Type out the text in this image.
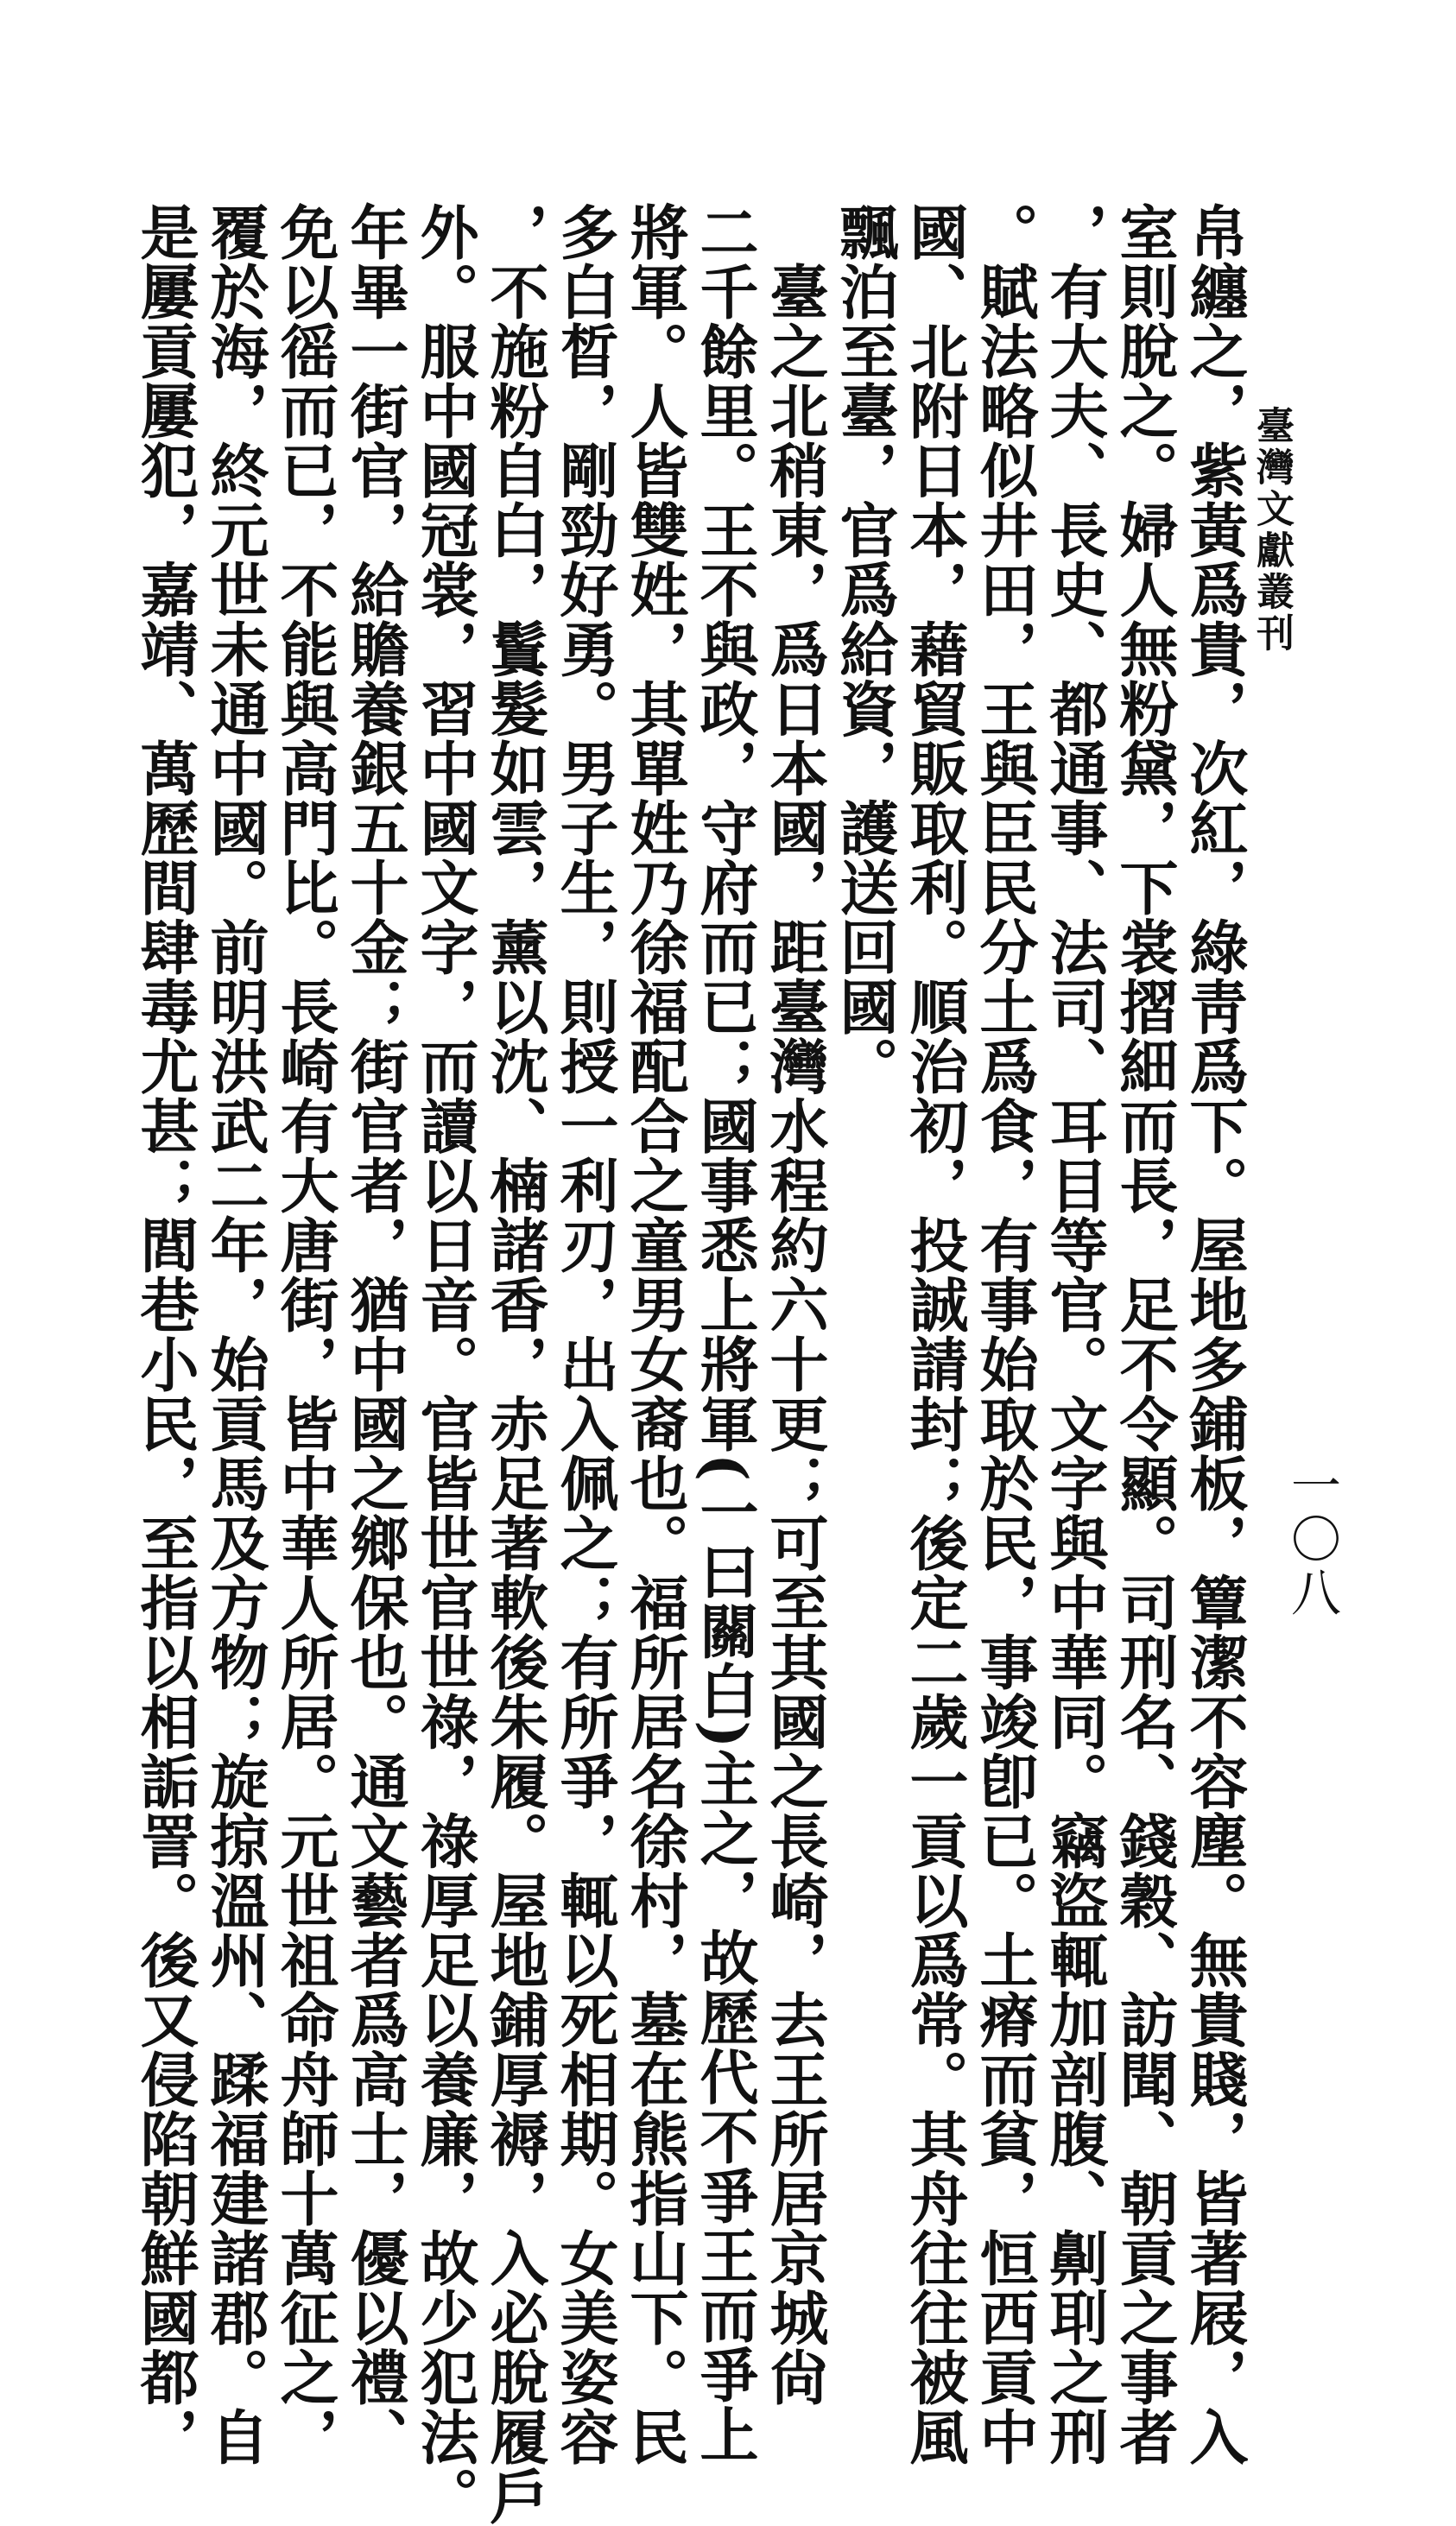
臺灣文獻叢刊
一〇八
帛纏之，紫黃爲貴，次紅，綠靑爲下。屋地多鋪板，簟潔不容塵。無貴賤，皆著屐，入
室則脫之。婦人無粉黛，下裳摺細而長，足不令顯。司刑名、錢穀、訪聞、朝貢之事者
，有大夫、長史、都通事、法司、耳目等官。文字與中華同。竊盜輒加剖腹、劓刵之刑
。賦法略似井田，王與臣民分土爲食，有事始取於民，事竣卽已。土瘠而貧，恒西貢中
國、北附日本，藉貿販取利。順治初，投誠請封；後定二歲一貢以爲常。其舟往往被風
飄泊至臺，官爲給資，護送回國。
　臺之北稍東，爲日本國，距臺灣水程約六十更；可至其國之長崎，去王所居京城尙
二千餘里。王不與政，守府而已；國事悉上將軍(一曰關白)主之，故歷代不爭王而爭上
將軍。人皆雙姓，其單姓乃徐福配合之童男女裔也。福所居名徐村，墓在熊指山下。民
多白晳，剛勁好勇。男子生，則授一利刃，出入佩之；有所爭，輒以死相期。女美姿容
，不施粉自白，鬒髮如雲，薰以沈、楠諸香，赤足著軟後朱履。屋地鋪厚褥，入必脫履戶
外。服中國冠裳，習中國文字，而讀以日音。官皆世官世祿，祿厚足以養廉，故少犯法。
年畢一街官，給贍養銀五十金；街官者，猶中國之鄉保也。通文藝者爲高士，優以禮、
免以徭而已，不能與高門比。長崎有大唐街，皆中華人所居。元世祖命舟師十萬征之，
覆於海，終元世未通中國。前明洪武二年，始貢馬及方物；旋掠溫州、蹂福建諸郡。自
是屢貢屢犯，嘉靖、萬歷間肆毒尤甚；閭巷小民，至指以相詬詈。後又侵陷朝鮮國都，
